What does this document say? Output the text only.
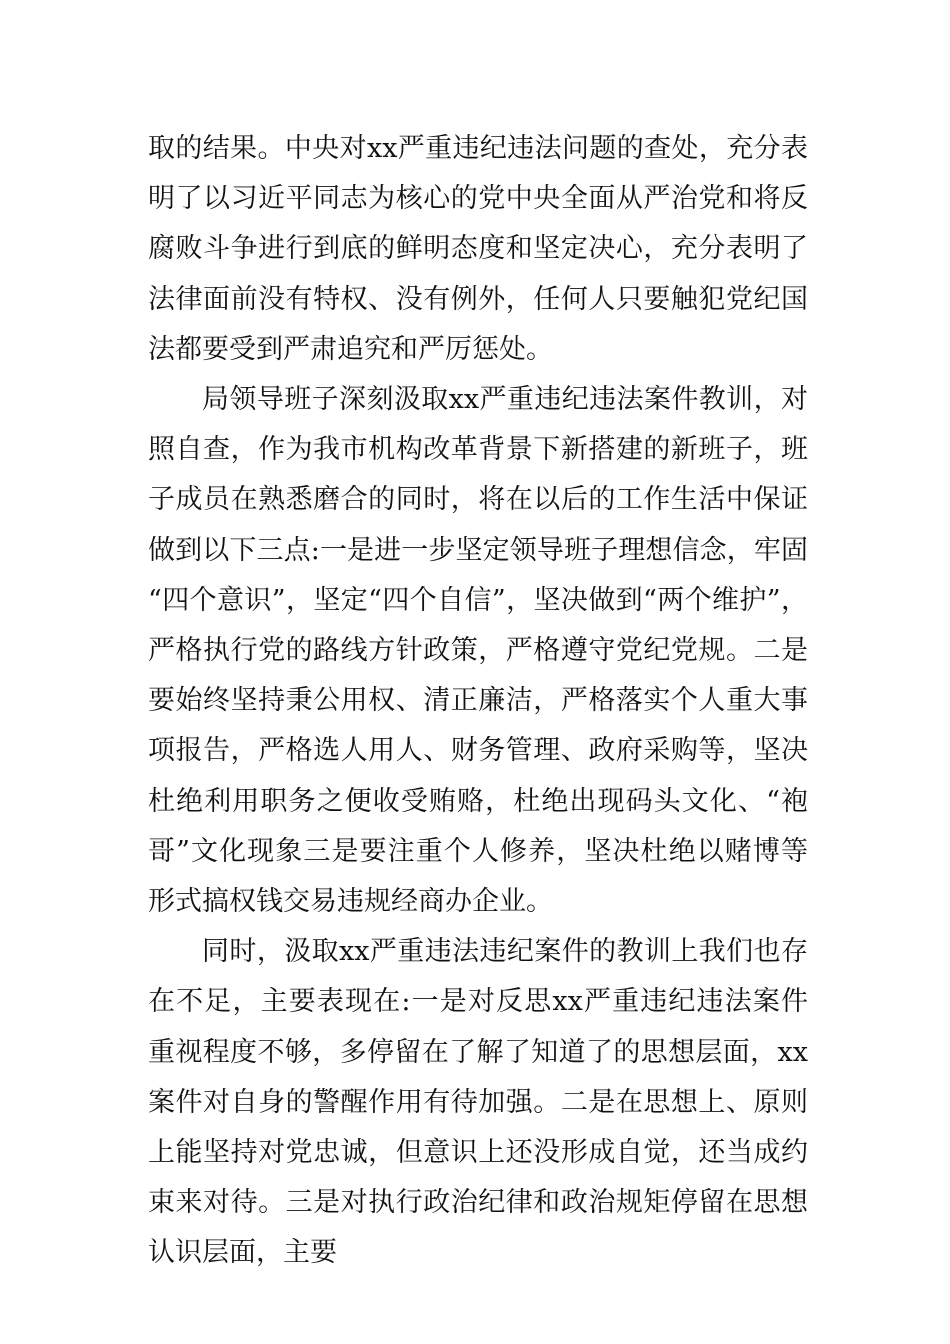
取的结果。中央对xx严重违纪违法问题的查处，充分表明了以习近平同志为核心的党中央全面从严治党和将反腐败斗争进行到底的鲜明态度和坚定决心，充分表明了法律面前没有特权、没有例外，任何人只要触犯党纪国法都要受到严肃追究和严厉惩处。

局领导班子深刻汲取xx严重违纪违法案件教训，对照自查，作为我市机构改革背景下新搭建的新班子，班子成员在熟悉磨合的同时，将在以后的工作生活中保证做到以下三点:一是进一步坚定领导班子理想信念，牢固“四个意识”，坚定“四个自信”，坚决做到“两个维护”，严格执行党的路线方针政策，严格遵守党纪党规。二是要始终坚持秉公用权、清正廉洁，严格落实个人重大事项报告，严格选人用人、财务管理、政府采购等，坚决杜绝利用职务之便收受贿赂，杜绝出现码头文化、“袍哥”文化现象三是要注重个人修养，坚决杜绝以赌博等形式搞权钱交易违规经商办企业。

同时，汲取xx严重违法违纪案件的教训上我们也存在不足，主要表现在:一是对反思xx严重违纪违法案件重视程度不够，多停留在了解了知道了的思想层面，xx案件对自身的警醒作用有待加强。二是在思想上、原则上能坚持对党忠诚，但意识上还没形成自觉，还当成约束来对待。三是对执行政治纪律和政治规矩停留在思想认识层面，主要
